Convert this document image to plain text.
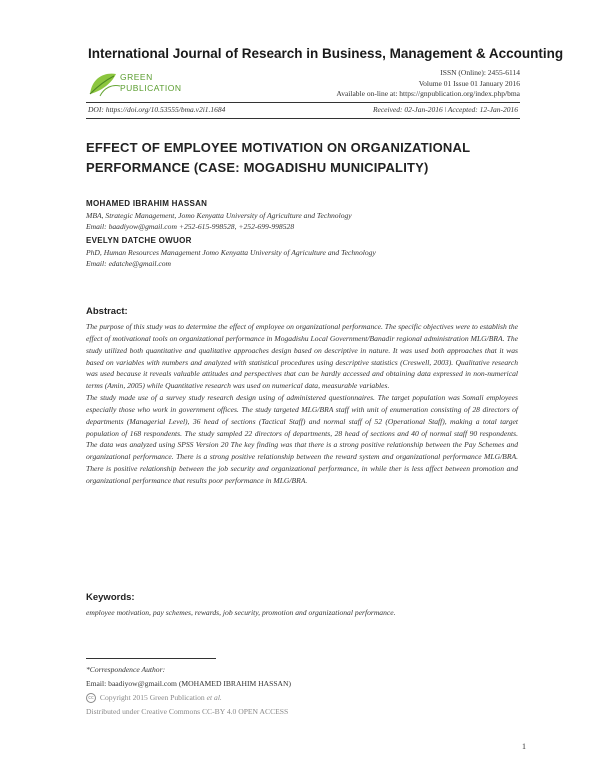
International Journal of Research in Business, Management & Accounting
GREEN
PUBLICATION
ISSN (Online): 2455-6114
Volume 01 Issue 01 January 2016
Available on-line at: https://gnpublication.org/index.php/bma
DOI: https://doi.org/10.53555/bma.v2i1.1684	Received: 02-Jan-2016 ǀ Accepted: 12-Jan-2016
EFFECT OF EMPLOYEE MOTIVATION ON ORGANIZATIONAL
PERFORMANCE (CASE: MOGADISHU MUNICIPALITY)
MOHAMED IBRAHIM HASSAN
MBA, Strategic Management, Jomo Kenyatta University of Agriculture and Technology
Email: baadiyow@gmail.com +252-615-998528, +252-699-998528
EVELYN DATCHE OWUOR
PhD, Human Resources Management Jomo Kenyatta University of Agriculture and Technology
Email: edatche@gmail.com
Abstract:

The purpose of this study was to determine the effect of employee on organizational performance. The specific objectives were to establish the effect of motivational tools on organizational performance in Mogadishu Local Government/Banadir regional administration MLG/BRA. The study utilized both quantitative and qualitative approaches design based on descriptive in nature. It was used both approaches that it was based on variables with numbers and analyzed with statistical procedures using descriptive statistics (Creswell, 2003). Qualitative research was used because it reveals valuable attitudes and perspectives that can be hardly accessed and obtaining data expressed in non-numerical terms (Amin, 2005) while Quantitative research was used on numerical data, measurable variables.

The study made use of a survey study research design using of administered questionnaires. The target population was Somali employees especially those who work in government offices. The study targeted MLG/BRA staff with unit of enumeration consisting of 28 directors of departments (Managerial Level), 36 head of sections (Tactical Staff) and normal staff of 52 (Operational Staff), making a total target population of 168 respondents. The study sampled 22 directors of departments, 28 head of sections and 40 of normal staff 90 respondents. The data was analyzed using SPSS Version 20 The key finding was that there is a strong positive relationship between the Pay Schemes and organizational performance. There is a strong positive relationship between the reward system and organizational performance MLG/BRA. There is positive relationship between the job security and organizational performance, in while ther is less affect between promotion and organizational performance that results poor performance in MLG/BRA.

Keywords:
employee motivation, pay schemes, rewards, job security, promotion and organizational performance.
*Correspondence Author:
Email: baadiyow@gmail.com (MOHAMED IBRAHIM HASSAN)
cc Copyright 2015 Green Publication et al.
Distributed under Creative Commons CC-BY 4.0 OPEN ACCESS
1
